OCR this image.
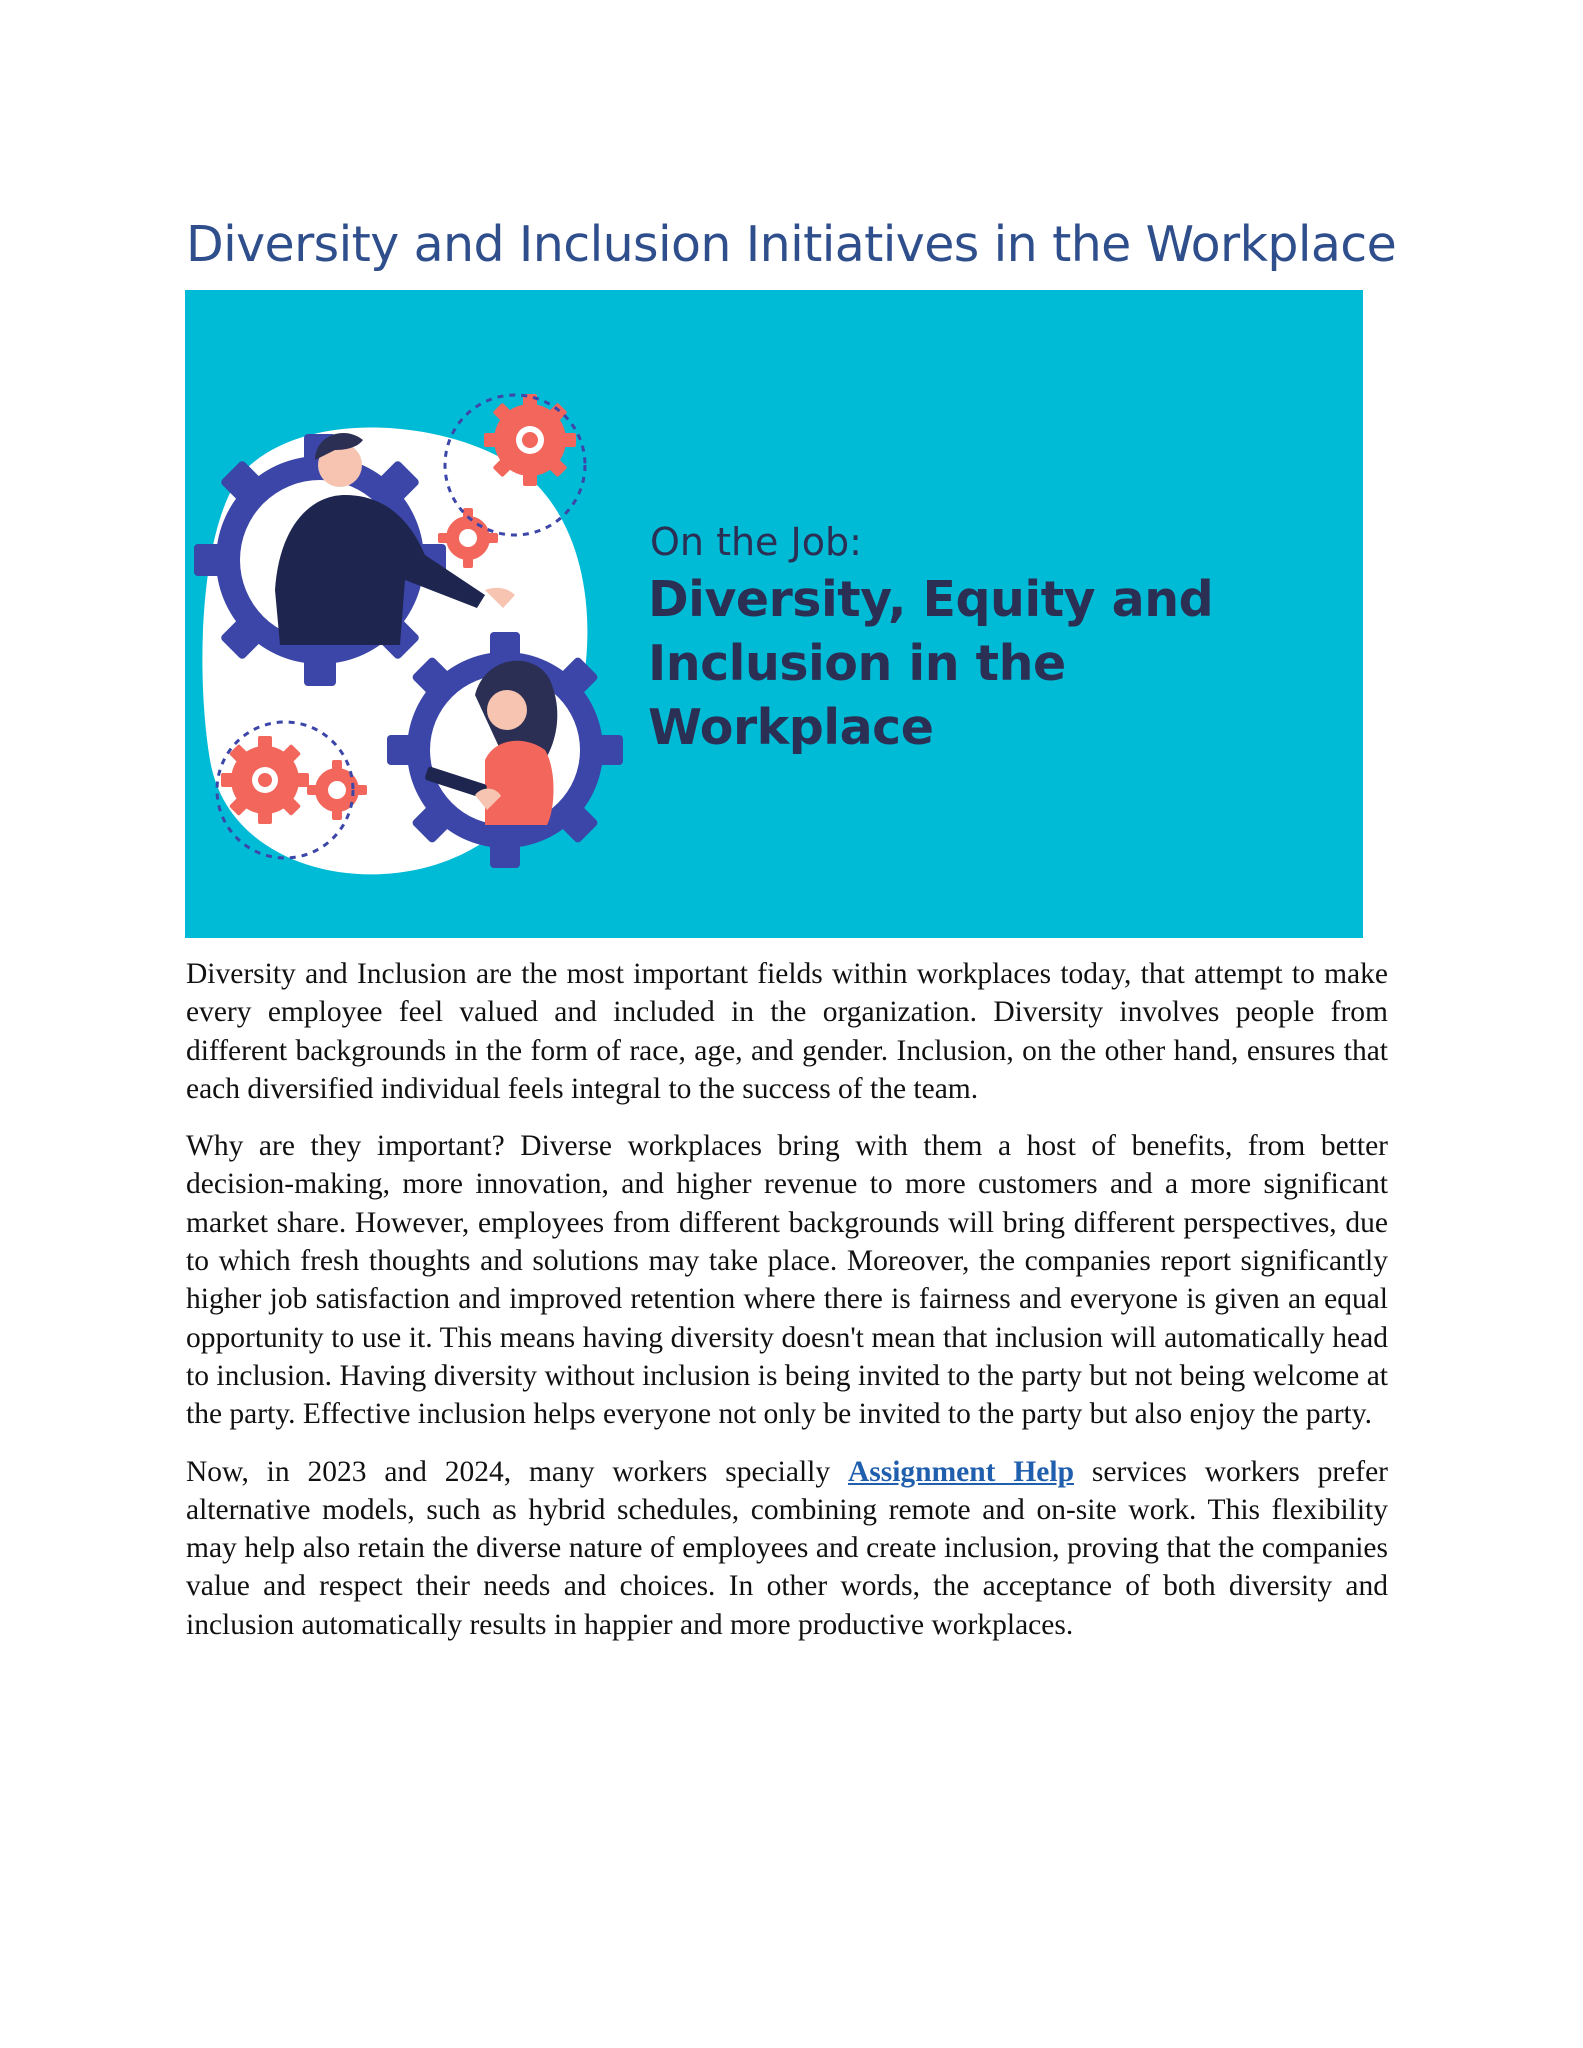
Diversity and Inclusion Initiatives in the Workplace
On the Job:
Diversity, Equity and Inclusion in the Workplace

Diversity and Inclusion are the most important fields within workplaces today, that attempt to make every employee feel valued and included in the organization. Diversity involves people from different backgrounds in the form of race, age, and gender. Inclusion, on the other hand, ensures that each diversified individual feels integral to the success of the team.

Why are they important? Diverse workplaces bring with them a host of benefits, from better decision-making, more innovation, and higher revenue to more customers and a more significant market share. However, employees from different backgrounds will bring different perspectives, due to which fresh thoughts and solutions may take place. Moreover, the companies report significantly higher job satisfaction and improved retention where there is fairness and everyone is given an equal opportunity to use it. This means having diversity doesn't mean that inclusion will automatically head to inclusion. Having diversity without inclusion is being invited to the party but not being welcome at the party. Effective inclusion helps everyone not only be invited to the party but also enjoy the party.

Now, in 2023 and 2024, many workers specially Assignment Help services workers prefer alternative models, such as hybrid schedules, combining remote and on-site work. This flexibility may help also retain the diverse nature of employees and create inclusion, proving that the companies value and respect their needs and choices. In other words, the acceptance of both diversity and inclusion automatically results in happier and more productive workplaces.
